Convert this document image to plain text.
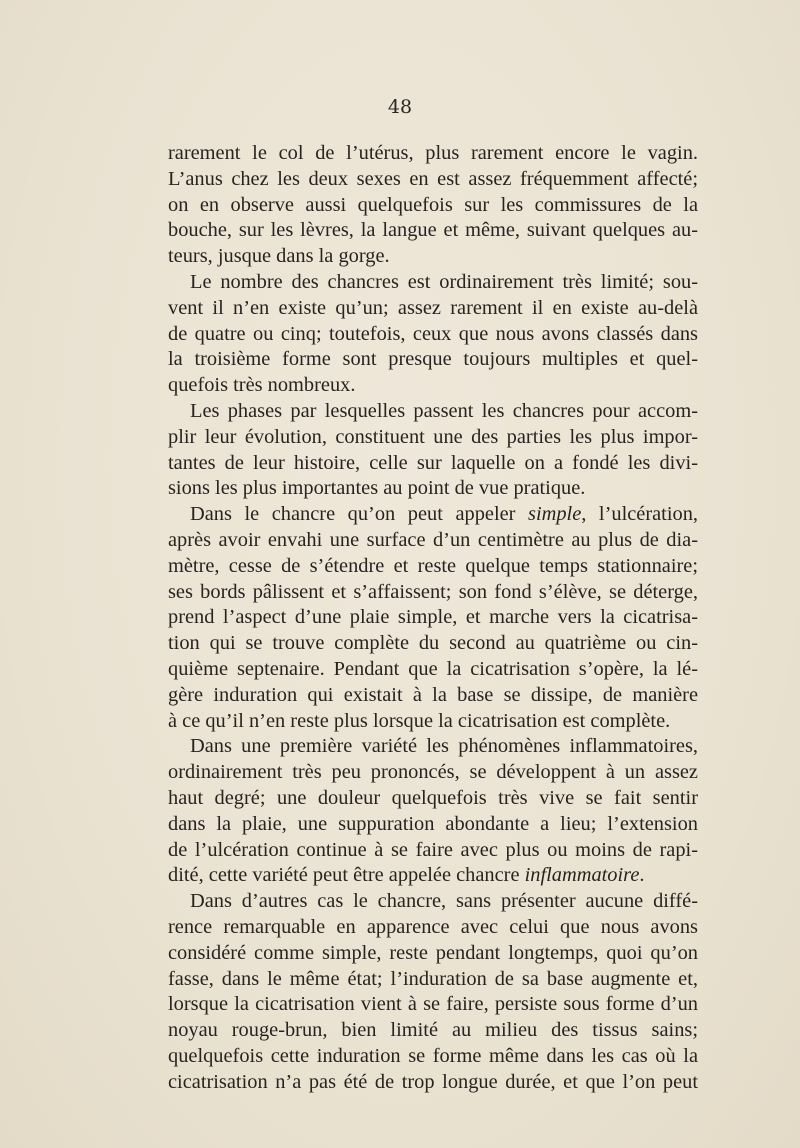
48
rarement le col de l’utérus, plus rarement encore le vagin.
L’anus chez les deux sexes en est assez fréquemment affecté;
on en observe aussi quelquefois sur les commissures de la
bouche, sur les lèvres, la langue et même, suivant quelques au-
teurs, jusque dans la gorge.
Le nombre des chancres est ordinairement très limité; sou-
vent il n’en existe qu’un; assez rarement il en existe au-delà
de quatre ou cinq; toutefois, ceux que nous avons classés dans
la troisième forme sont presque toujours multiples et quel-
quefois très nombreux.
Les phases par lesquelles passent les chancres pour accom-
plir leur évolution, constituent une des parties les plus impor-
tantes de leur histoire, celle sur laquelle on a fondé les divi-
sions les plus importantes au point de vue pratique.
Dans le chancre qu’on peut appeler simple, l’ulcération,
après avoir envahi une surface d’un centimètre au plus de dia-
mètre, cesse de s’étendre et reste quelque temps stationnaire;
ses bords pâlissent et s’affaissent; son fond s’élève, se déterge,
prend l’aspect d’une plaie simple, et marche vers la cicatrisa-
tion qui se trouve complète du second au quatrième ou cin-
quième septenaire. Pendant que la cicatrisation s’opère, la lé-
gère induration qui existait à la base se dissipe, de manière
à ce qu’il n’en reste plus lorsque la cicatrisation est complète.
Dans une première variété les phénomènes inflammatoires,
ordinairement très peu prononcés, se développent à un assez
haut degré; une douleur quelquefois très vive se fait sentir
dans la plaie, une suppuration abondante a lieu; l’extension
de l’ulcération continue à se faire avec plus ou moins de rapi-
dité, cette variété peut être appelée chancre inflammatoire.
Dans d’autres cas le chancre, sans présenter aucune diffé-
rence remarquable en apparence avec celui que nous avons
considéré comme simple, reste pendant longtemps, quoi qu’on
fasse, dans le même état; l’induration de sa base augmente et,
lorsque la cicatrisation vient à se faire, persiste sous forme d’un
noyau rouge-brun, bien limité au milieu des tissus sains;
quelquefois cette induration se forme même dans les cas où la
cicatrisation n’a pas été de trop longue durée, et que l’on peut
